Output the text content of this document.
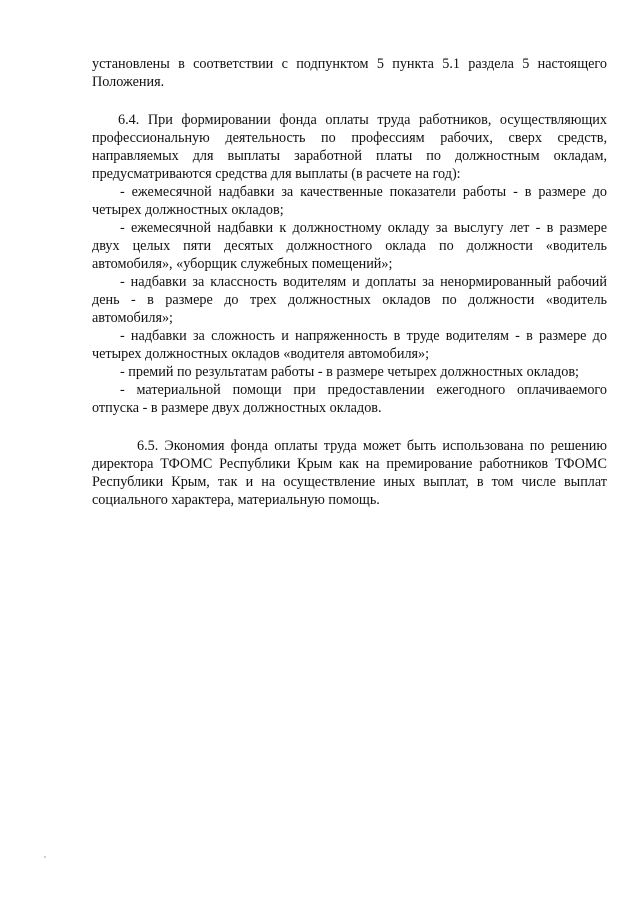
установлены в соответствии с подпунктом 5 пункта 5.1 раздела 5 настоящего Положения.

6.4. При формировании фонда оплаты труда работников, осуществляющих профессиональную деятельность по профессиям рабочих, сверх средств, направляемых для выплаты заработной платы по должностным окладам, предусматриваются средства для выплаты (в расчете на год):

- ежемесячной надбавки за качественные показатели работы - в размере до четырех должностных окладов;

- ежемесячной надбавки к должностному окладу за выслугу лет - в размере двух целых пяти десятых должностного оклада по должности «водитель автомобиля», «уборщик служебных помещений»;

- надбавки за классность водителям и доплаты за ненормированный рабочий день - в размере до трех должностных окладов по должности «водитель автомобиля»;

- надбавки за сложность и напряженность в труде водителям - в размере до четырех должностных окладов «водителя автомобиля»;

- премий по результатам работы - в размере четырех должностных окладов;

- материальной помощи при предоставлении ежегодного оплачиваемого отпуска - в размере двух должностных окладов.

6.5. Экономия фонда оплаты труда может быть использована по решению директора ТФОМС Республики Крым как на премирование работников ТФОМС Республики Крым, так и на осуществление иных выплат, в том числе выплат социального характера, материальную помощь.
